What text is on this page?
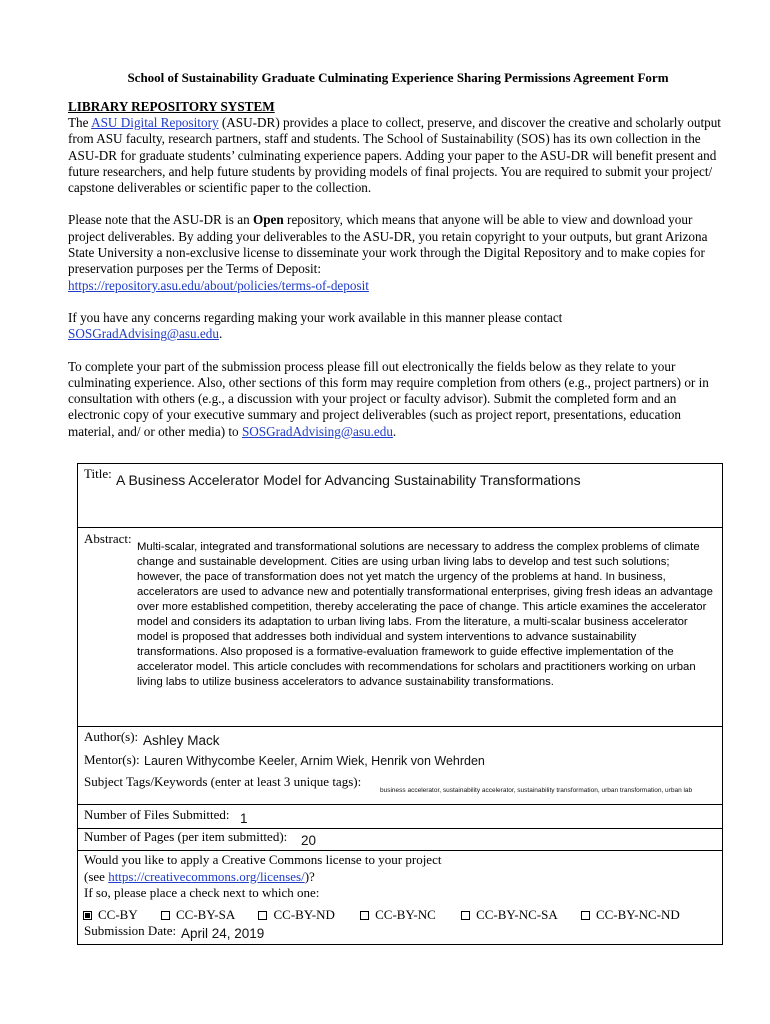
School of Sustainability Graduate Culminating Experience Sharing Permissions Agreement Form
LIBRARY REPOSITORY SYSTEM

The ASU Digital Repository (ASU-DR) provides a place to collect, preserve, and discover the creative and scholarly output from ASU faculty, research partners, staff and students. The School of Sustainability (SOS) has its own collection in the ASU-DR for graduate students’ culminating experience papers. Adding your paper to the ASU-DR will benefit present and future researchers, and help future students by providing models of final projects. You are required to submit your project/ capstone deliverables or scientific paper to the collection.

Please note that the ASU-DR is an Open repository, which means that anyone will be able to view and download your project deliverables. By adding your deliverables to the ASU-DR, you retain copyright to your outputs, but grant Arizona State University a non-exclusive license to disseminate your work through the Digital Repository and to make copies for preservation purposes per the Terms of Deposit:
https://repository.asu.edu/about/policies/terms-of-deposit

If you have any concerns regarding making your work available in this manner please contact
SOSGradAdvising@asu.edu.

To complete your part of the submission process please fill out electronically the fields below as they relate to your culminating experience. Also, other sections of this form may require completion from others (e.g., project partners) or in consultation with others (e.g., a discussion with your project or faculty advisor). Submit the completed form and an electronic copy of your executive summary and project deliverables (such as project report, presentations, education material, and/ or other media) to SOSGradAdvising@asu.edu.

Title: A Business Accelerator Model for Advancing Sustainability Transformations
Abstract:
Multi-scalar, integrated and transformational solutions are necessary to address the complex problems of climate change and sustainable development. Cities are using urban living labs to develop and test such solutions; however, the pace of transformation does not yet match the urgency of the problems at hand. In business, accelerators are used to advance new and potentially transformational enterprises, giving fresh ideas an advantage over more established competition, thereby accelerating the pace of change. This article examines the accelerator model and considers its adaptation to urban living labs. From the literature, a multi-scalar business accelerator model is proposed that addresses both individual and system interventions to advance sustainability transformations. Also proposed is a formative-evaluation framework to guide effective implementation of the accelerator model. This article concludes with recommendations for scholars and practitioners working on urban living labs to utilize business accelerators to advance sustainability transformations.
Author(s): Ashley Mack
Mentor(s): Lauren Withycombe Keeler, Arnim Wiek, Henrik von Wehrden
Subject Tags/Keywords (enter at least 3 unique tags):
business accelerator, sustainability accelerator, sustainability transformation, urban transformation, urban lab
Number of Files Submitted: 1
Number of Pages (per item submitted): 20
Would you like to apply a Creative Commons license to your project
(see https://creativecommons.org/licenses/)?
If so, please place a check next to which one:
CC-BY	CC-BY-SA	CC-BY-ND	CC-BY-NC	CC-BY-NC-SA	CC-BY-NC-ND
Submission Date: April 24, 2019
